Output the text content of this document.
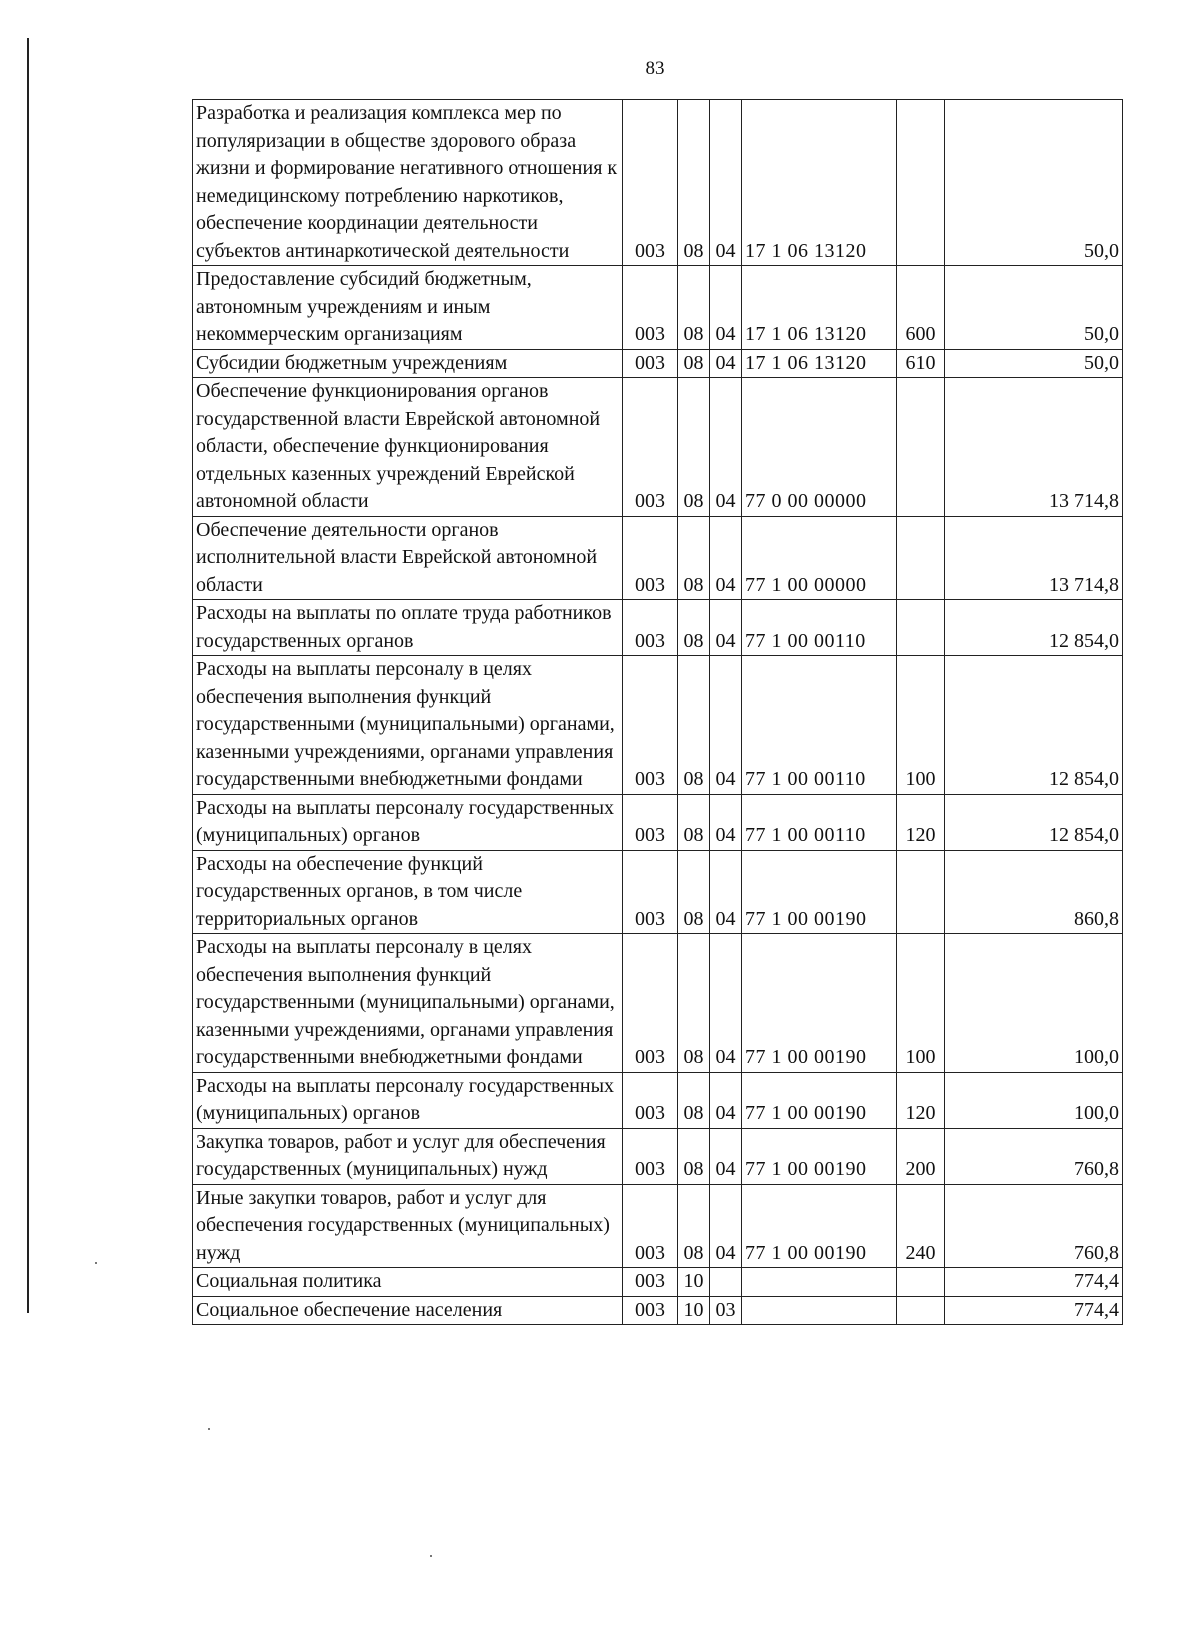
83
Разработка и реализация комплекса мер по популяризации в обществе здорового образа жизни и формирование негативного отношения к немедицинскому потреблению наркотиков, обеспечение координации деятельности субъектов антинаркотической деятельности	003	08	04	17 1 06 13120		50,0
Предоставление субсидий бюджетным, автономным учреждениям и иным некоммерческим организациям	003	08	04	17 1 06 13120	600	50,0
Субсидии бюджетным учреждениям	003	08	04	17 1 06 13120	610	50,0
Обеспечение функционирования органов государственной власти Еврейской автономной области, обеспечение функционирования отдельных казенных учреждений Еврейской автономной области	003	08	04	77 0 00 00000		13 714,8
Обеспечение деятельности органов исполнительной власти Еврейской автономной области	003	08	04	77 1 00 00000		13 714,8
Расходы на выплаты по оплате труда работников государственных органов	003	08	04	77 1 00 00110		12 854,0
Расходы на выплаты персоналу в целях обеспечения выполнения функций государственными (муниципальными) органами, казенными учреждениями, органами управления государственными внебюджетными фондами	003	08	04	77 1 00 00110	100	12 854,0
Расходы на выплаты персоналу государственных (муниципальных) органов	003	08	04	77 1 00 00110	120	12 854,0
Расходы на обеспечение функций государственных органов, в том числе территориальных органов	003	08	04	77 1 00 00190		860,8
Расходы на выплаты персоналу в целях обеспечения выполнения функций государственными (муниципальными) органами, казенными учреждениями, органами управления государственными внебюджетными фондами	003	08	04	77 1 00 00190	100	100,0
Расходы на выплаты персоналу государственных (муниципальных) органов	003	08	04	77 1 00 00190	120	100,0
Закупка товаров, работ и услуг для обеспечения государственных (муниципальных) нужд	003	08	04	77 1 00 00190	200	760,8
Иные закупки товаров, работ и услуг для обеспечения государственных (муниципальных) нужд	003	08	04	77 1 00 00190	240	760,8
Социальная политика	003	10				774,4
Социальное обеспечение населения	003	10	03			774,4
